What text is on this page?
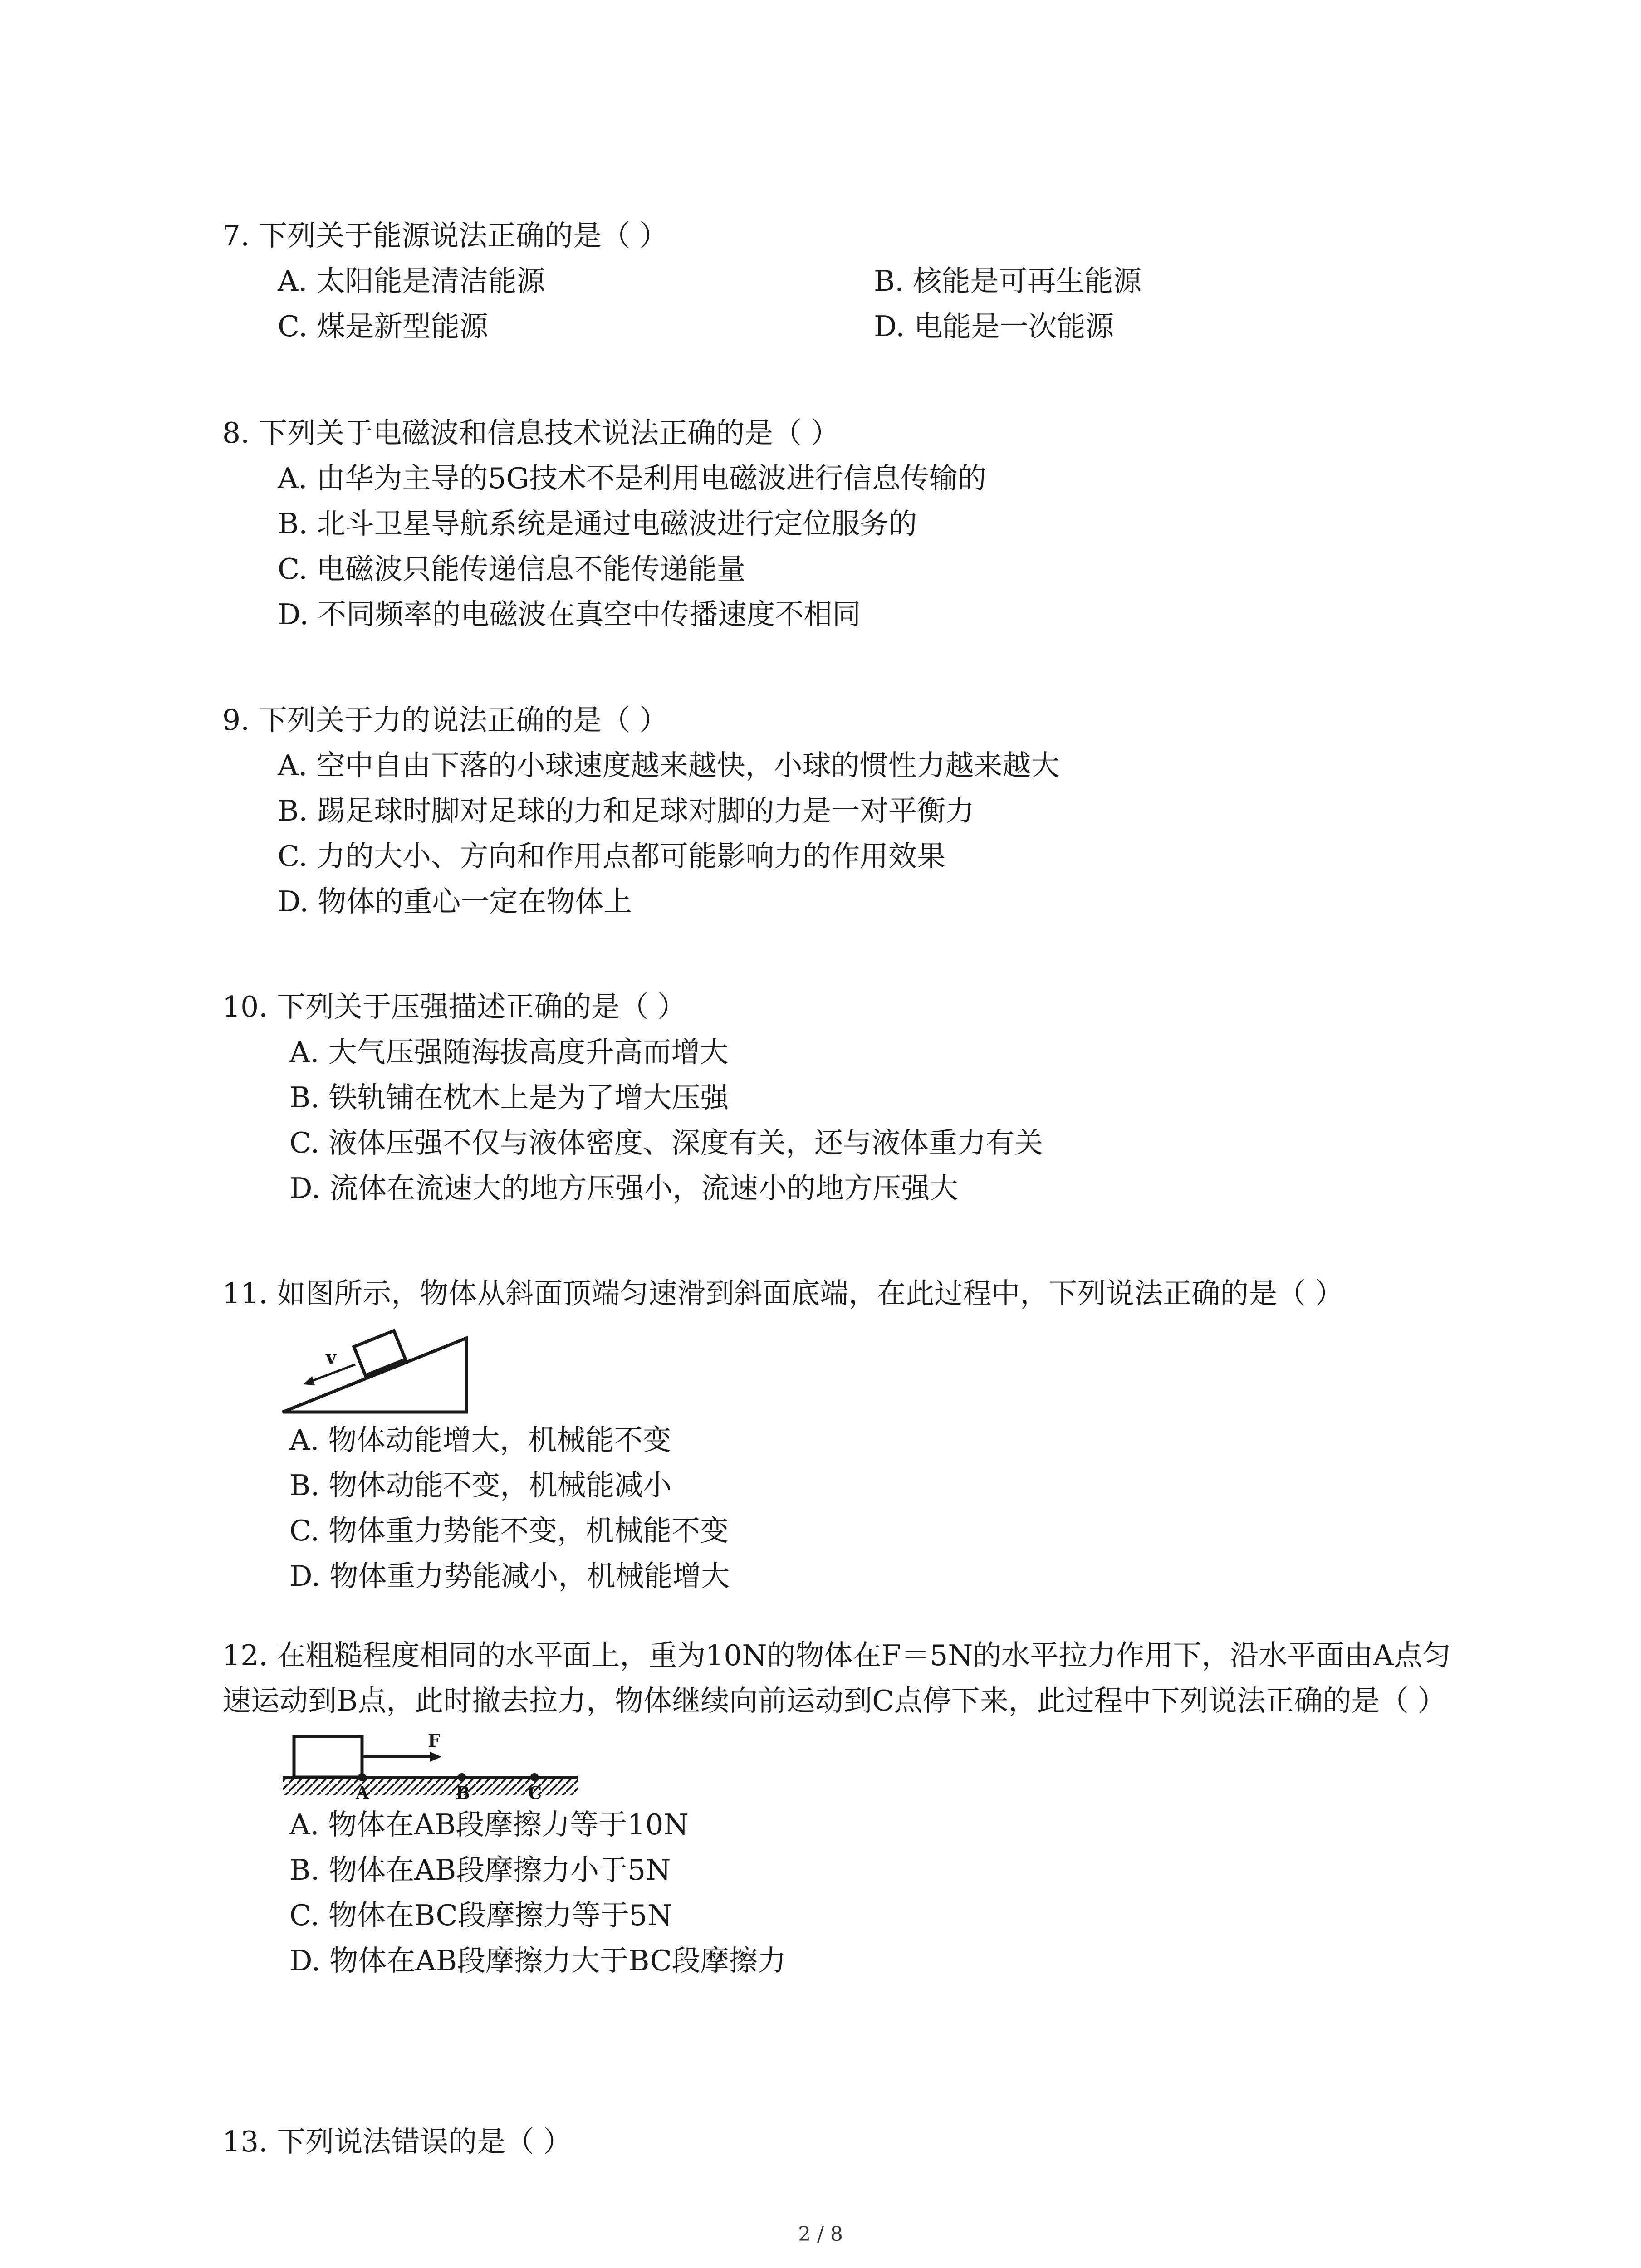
7. 下列关于能源说法正确的是（ ）
A. 太阳能是清洁能源	B. 核能是可再生能源
C. 煤是新型能源	D. 电能是一次能源
8. 下列关于电磁波和信息技术说法正确的是（ ）
A. 由华为主导的5G技术不是利用电磁波进行信息传输的
B. 北斗卫星导航系统是通过电磁波进行定位服务的
C. 电磁波只能传递信息不能传递能量
D. 不同频率的电磁波在真空中传播速度不相同
9. 下列关于力的说法正确的是（ ）
A. 空中自由下落的小球速度越来越快，小球的惯性力越来越大
B. 踢足球时脚对足球的力和足球对脚的力是一对平衡力
C. 力的大小、方向和作用点都可能影响力的作用效果
D. 物体的重心一定在物体上
10. 下列关于压强描述正确的是（ ）
A. 大气压强随海拔高度升高而增大
B. 铁轨铺在枕木上是为了增大压强
C. 液体压强不仅与液体密度、深度有关，还与液体重力有关
D. 流体在流速大的地方压强小，流速小的地方压强大
11. 如图所示，物体从斜面顶端匀速滑到斜面底端，在此过程中，下列说法正确的是（ ）
v
A. 物体动能增大，机械能不变
B. 物体动能不变，机械能减小
C. 物体重力势能不变，机械能不变
D. 物体重力势能减小，机械能增大
12. 在粗糙程度相同的水平面上，重为10N的物体在F＝5N的水平拉力作用下，沿水平面由A点匀速运动到B点，此时撤去拉力，物体继续向前运动到C点停下来，此过程中下列说法正确的是（ ）
F
A	B	C
A. 物体在AB段摩擦力等于10N
B. 物体在AB段摩擦力小于5N
C. 物体在BC段摩擦力等于5N
D. 物体在AB段摩擦力大于BC段摩擦力
13. 下列说法错误的是（ ）
2 / 8
